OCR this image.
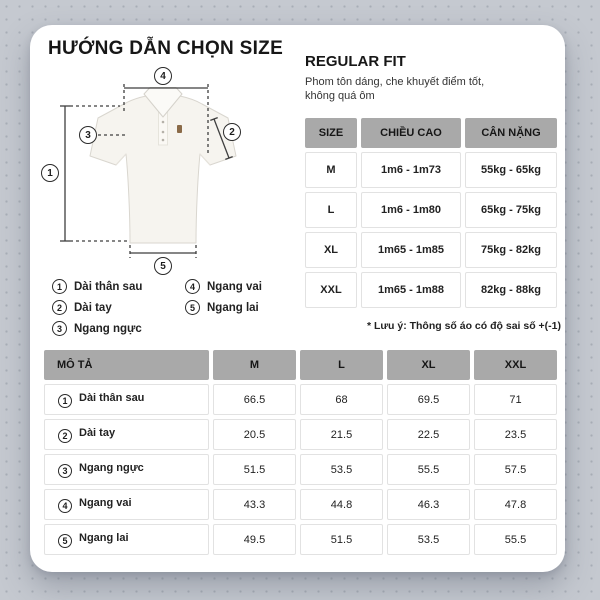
HƯỚNG DẪN CHỌN SIZE
1
2
3
4
5
1	Dài thân sau
2	Dài tay
3	Ngang ngực
4	Ngang vai
5	Ngang lai
REGULAR FIT
Phom tôn dáng, che khuyết điểm tốt,
không quá ôm
SIZE	CHIỀU CAO	CÂN NẶNG
M	1m6 - 1m73	55kg - 65kg
L	1m6 - 1m80	65kg - 75kg
XL	1m65 - 1m85	75kg - 82kg
XXL	1m65 - 1m88	82kg - 88kg
* Lưu ý: Thông số áo có độ sai số +(-1)
MÔ TẢ	M	L	XL	XXL
1 Dài thân sau	66.5	68	69.5	71
2 Dài tay	20.5	21.5	22.5	23.5
3 Ngang ngực	51.5	53.5	55.5	57.5
4 Ngang vai	43.3	44.8	46.3	47.8
5 Ngang lai	49.5	51.5	53.5	55.5
